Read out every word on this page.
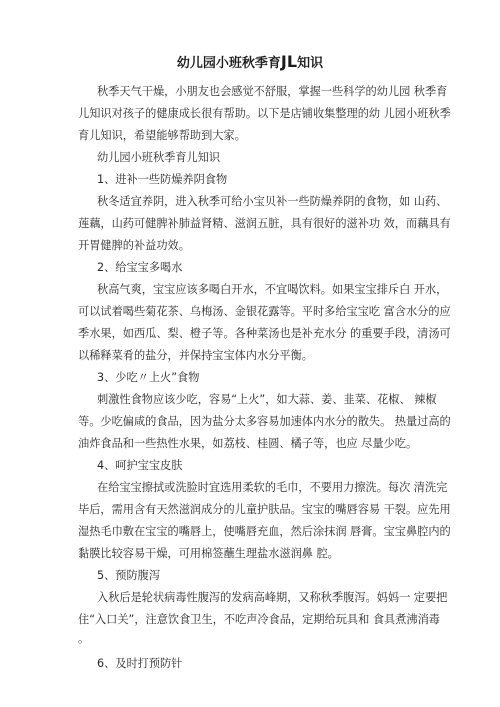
幼儿园小班秋季育JL知识
秋季天气干燥，小朋友也会感觉不舒服，掌握一些科学的幼儿园 秋季育
儿知识对孩子的健康成长很有帮助。以下是店铺收集整理的幼 儿园小班秋季
育儿知识，希望能够帮助到大家。
幼儿园小班秋季育儿知识
1、进补一些防燥养阴食物
秋冬适宜养阴，进入秋季可给小宝贝补一些防燥养阴的食物，如 山药、
莲藕，山药可健脾补肺益肾精、滋润五脏，具有很好的滋补功 效，而藕具有
开胃健脾的补益功效。
2、给宝宝多喝水
秋高气爽，宝宝应该多喝白开水，不宜喝饮料。如果宝宝排斥白 开水，
可以试着喝些菊花茶、乌梅汤、金银花露等。平时多给宝宝吃 富含水分的应
季水果，如西瓜、梨、橙子等。各种菜汤也是补充水分 的重要手段，清汤可
以稀释菜肴的盐分，并保持宝宝体内水分平衡。
3、少吃〃上火”食物
刺激性食物应该少吃，容易“上火”，如大蒜、姜、韭菜、花椒、 辣椒
等。少吃偏咸的食品，因为盐分太多容易加速体内水分的散失。 热量过高的
油炸食品和一些热性水果，如荔枝、桂圆、橘子等，也应 尽量少吃。
4、呵护宝宝皮肤
在给宝宝擦拭或洗脸时宜选用柔软的毛巾，不要用力擦洗。每次 清洗完
毕后，需用含有天然滋润成分的儿童护肤品。宝宝的嘴唇容易 干裂。应先用
湿热毛巾敷在宝宝的嘴唇上，使嘴唇充血，然后涂抹润 唇膏。宝宝鼻腔内的
黏膜比较容易干燥，可用棉签蘸生理盐水滋润鼻 腔。
5、预防腹泻
入秋后是轮状病毒性腹泻的发病高峰期，又称秋季腹泻。妈妈一 定要把
住“入口关”，注意饮食卫生，不吃声冷食品，定期给玩具和 食具煮沸消毒
。
6、及时打预防针
